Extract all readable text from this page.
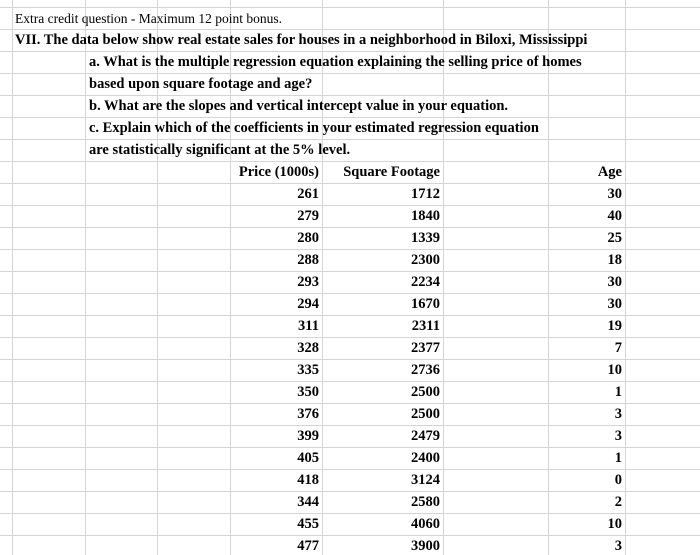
Extra credit question - Maximum 12 point bonus.
VII. The data below show real estate sales for houses in a neighborhood in Biloxi, Mississippi
a. What is the multiple regression equation explaining the selling price of homes
based upon square footage and age?
b. What are the slopes and vertical intercept value in your equation.
c. Explain which of the coefficients in your estimated regression equation
are statistically significant at the 5% level.
Price (1000s)	Square Footage	Age
261	1712	30
279	1840	40
280	1339	25
288	2300	18
293	2234	30
294	1670	30
311	2311	19
328	2377	7
335	2736	10
350	2500	1
376	2500	3
399	2479	3
405	2400	1
418	3124	0
344	2580	2
455	4060	10
477	3900	3
